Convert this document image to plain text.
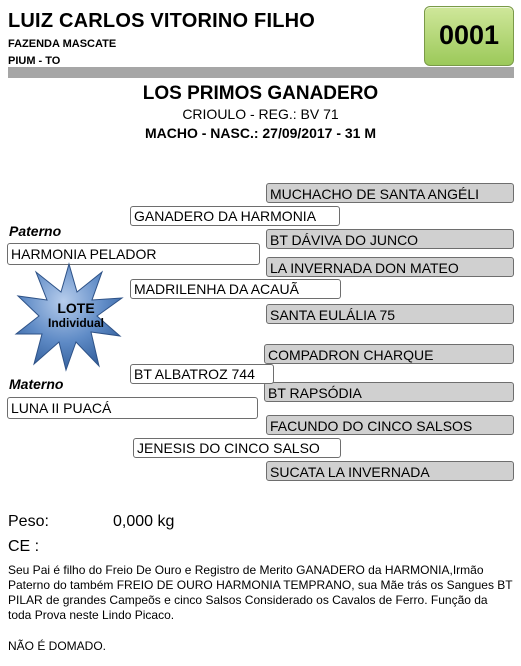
LUIZ CARLOS VITORINO FILHO
FAZENDA MASCATE
PIUM - TO
0001
LOS PRIMOS GANADERO
CRIOULO - REG.: BV 71
MACHO - NASC.: 27/09/2017 - 31 M
MUCHACHO DE SANTA ANGÉLI
BT DÁVIVA DO JUNCO
LA INVERNADA DON MATEO
SANTA EULÁLIA 75
COMPADRON CHARQUE
BT RAPSÓDIA
FACUNDO DO CINCO SALSOS
SUCATA LA INVERNADA
GANADERO DA HARMONIA
MADRILENHA DA ACAUÃ
BT ALBATROZ 744
JENESIS DO CINCO SALSO
Paterno
HARMONIA PELADOR
Materno
LUNA II PUACÁ
LOTE
Individual
Peso:	0,000 kg
CE :
Seu Pai é filho do Freio De Ouro e Registro de Merito GANADERO da HARMONIA,Irmão Paterno do também FREIO DE OURO HARMONIA TEMPRANO, sua Mãe trás os Sangues BT PILAR de grandes Campeõs e cinco Salsos Considerado os Cavalos de Ferro. Função da toda Prova neste Lindo Picaco.
NÃO É DOMADO.
